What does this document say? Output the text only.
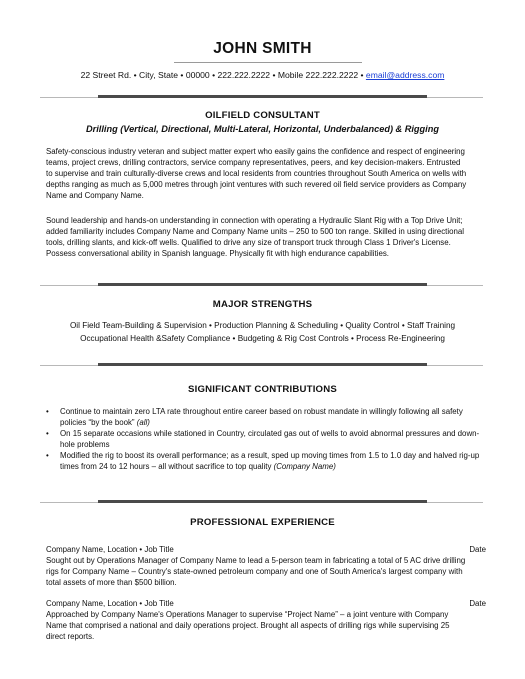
JOHN SMITH
22 Street Rd. • City, State • 00000 • 222.222.2222 • Mobile 222.222.2222 • email@address.com
OILFIELD CONSULTANT
Drilling (Vertical, Directional, Multi-Lateral, Horizontal, Underbalanced) & Rigging
Safety-conscious industry veteran and subject matter expert who easily gains the confidence and respect of engineering
teams, project crews, drilling contractors, service company representatives, peers, and key decision-makers. Entrusted
to supervise and train culturally-diverse crews and local residents from countries throughout South America on wells with
depths ranging as much as 5,000 metres through joint ventures with such revered oil field service providers as Company
Name and Company Name.
Sound leadership and hands-on understanding in connection with operating a Hydraulic Slant Rig with a Top Drive Unit;
added familiarity includes Company Name and Company Name units – 250 to 500 ton range. Skilled in using directional
tools, drilling slants, and kick-off wells. Qualified to drive any size of transport truck through Class 1 Driver's License.
Possess conversational ability in Spanish language. Physically fit with high endurance capabilities.
MAJOR STRENGTHS
Oil Field Team-Building & Supervision • Production Planning & Scheduling • Quality Control • Staff Training
Occupational Health &Safety Compliance • Budgeting & Rig Cost Controls • Process Re-Engineering
SIGNIFICANT CONTRIBUTIONS
• Continue to maintain zero LTA rate throughout entire career based on robust mandate in willingly following all safety policies “by the book” (all)
• On 15 separate occasions while stationed in Country, circulated gas out of wells to avoid abnormal pressures and down-hole problems
• Modified the rig to boost its overall performance; as a result, sped up moving times from 1.5 to 1.0 day and halved rig-up times from 24 to 12 hours – all without sacrifice to top quality (Company Name)
PROFESSIONAL EXPERIENCE
Company Name, Location • Job Title	Date
Sought out by Operations Manager of Company Name to lead a 5-person team in fabricating a total of 5 AC drive drilling
rigs for Company Name – Country's state-owned petroleum company and one of South America's largest company with
total assets of more than $500 billion.
Company Name, Location • Job Title	Date
Approached by Company Name's Operations Manager to supervise “Project Name” – a joint venture with Company
Name that comprised a national and daily operations project. Brought all aspects of drilling rigs while supervising 25
direct reports.
